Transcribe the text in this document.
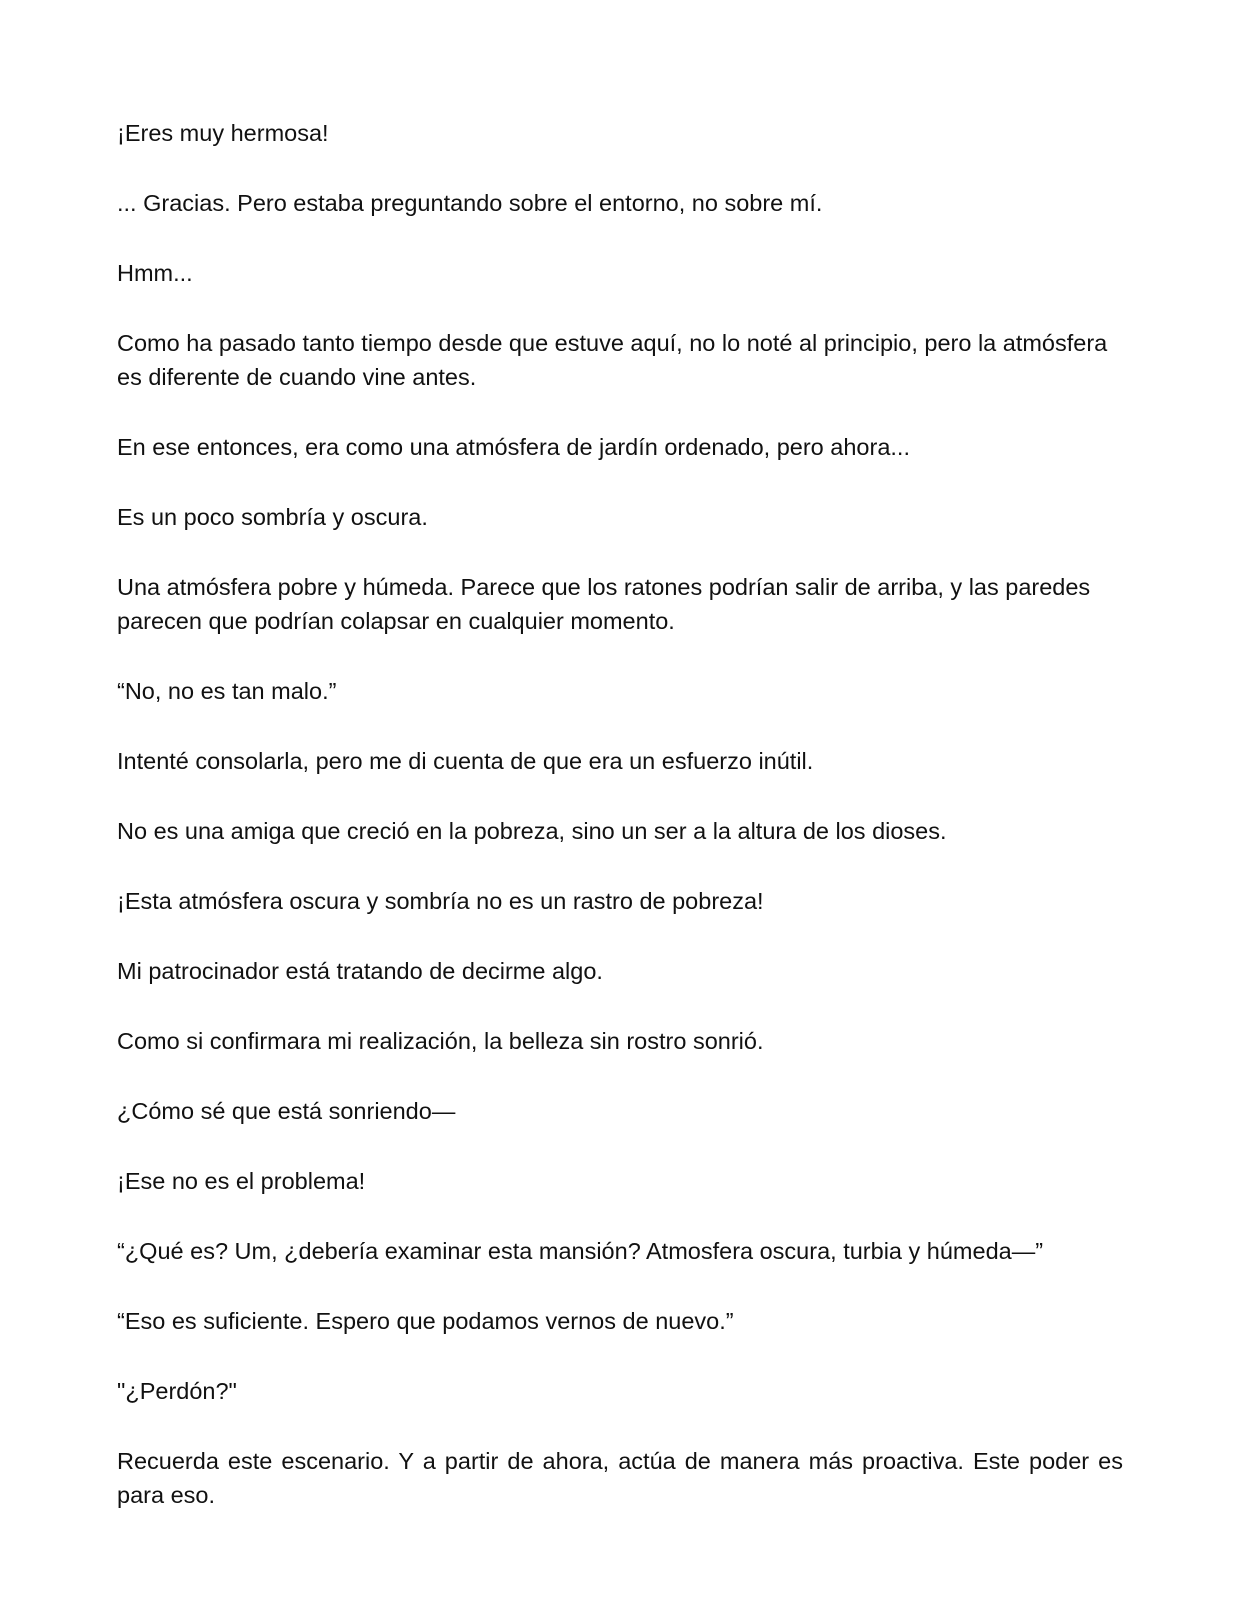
¡Eres muy hermosa!

... Gracias. Pero estaba preguntando sobre el entorno, no sobre mí.

Hmm...

Como ha pasado tanto tiempo desde que estuve aquí, no lo noté al principio, pero la atmósfera es diferente de cuando vine antes.

En ese entonces, era como una atmósfera de jardín ordenado, pero ahora...

Es un poco sombría y oscura.

Una atmósfera pobre y húmeda. Parece que los ratones podrían salir de arriba, y las paredes parecen que podrían colapsar en cualquier momento.

“No, no es tan malo.”

Intenté consolarla, pero me di cuenta de que era un esfuerzo inútil.

No es una amiga que creció en la pobreza, sino un ser a la altura de los dioses.

¡Esta atmósfera oscura y sombría no es un rastro de pobreza!

Mi patrocinador está tratando de decirme algo.

Como si confirmara mi realización, la belleza sin rostro sonrió.

¿Cómo sé que está sonriendo—

¡Ese no es el problema!

“¿Qué es? Um, ¿debería examinar esta mansión? Atmosfera oscura, turbia y húmeda—”

“Eso es suficiente. Espero que podamos vernos de nuevo.”

"¿Perdón?"

Recuerda este escenario. Y a partir de ahora, actúa de manera más proactiva. Este poder es para eso.
